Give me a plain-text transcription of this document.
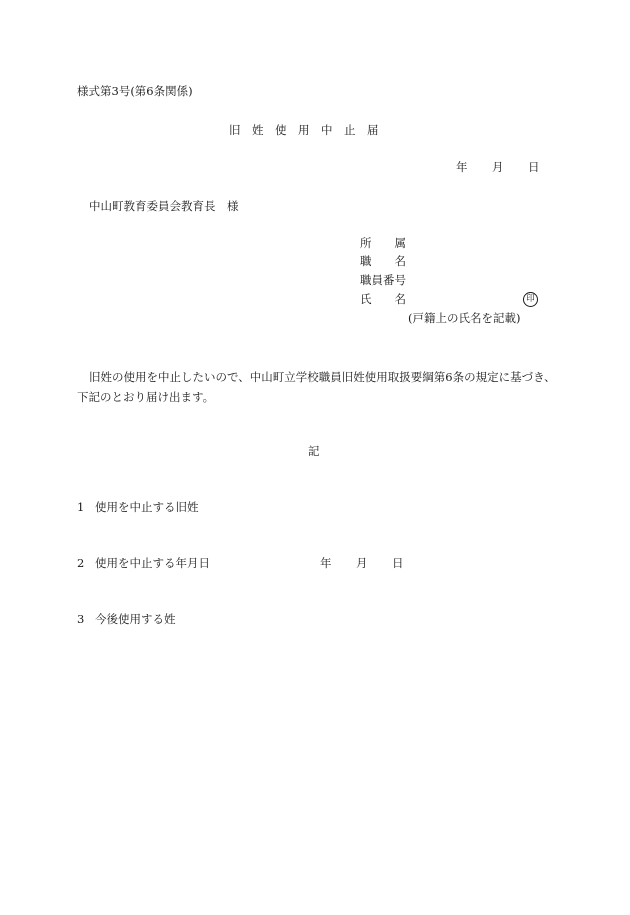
様式第3号(第6条関係)
旧　姓　使　用　中　止　届
年 月 日
中山町教育委員会教育長　様
所　　属
職　　名
職員番号
氏　　名	印
(戸籍上の氏名を記載)
旧姓の使用を中止したいので、中山町立学校職員旧姓使用取扱要綱第6条の規定に基づき、
下記のとおり届け出ます。
記
1 使用を中止する旧姓
2 使用を中止する年月日	年 月 日
3 今後使用する姓
